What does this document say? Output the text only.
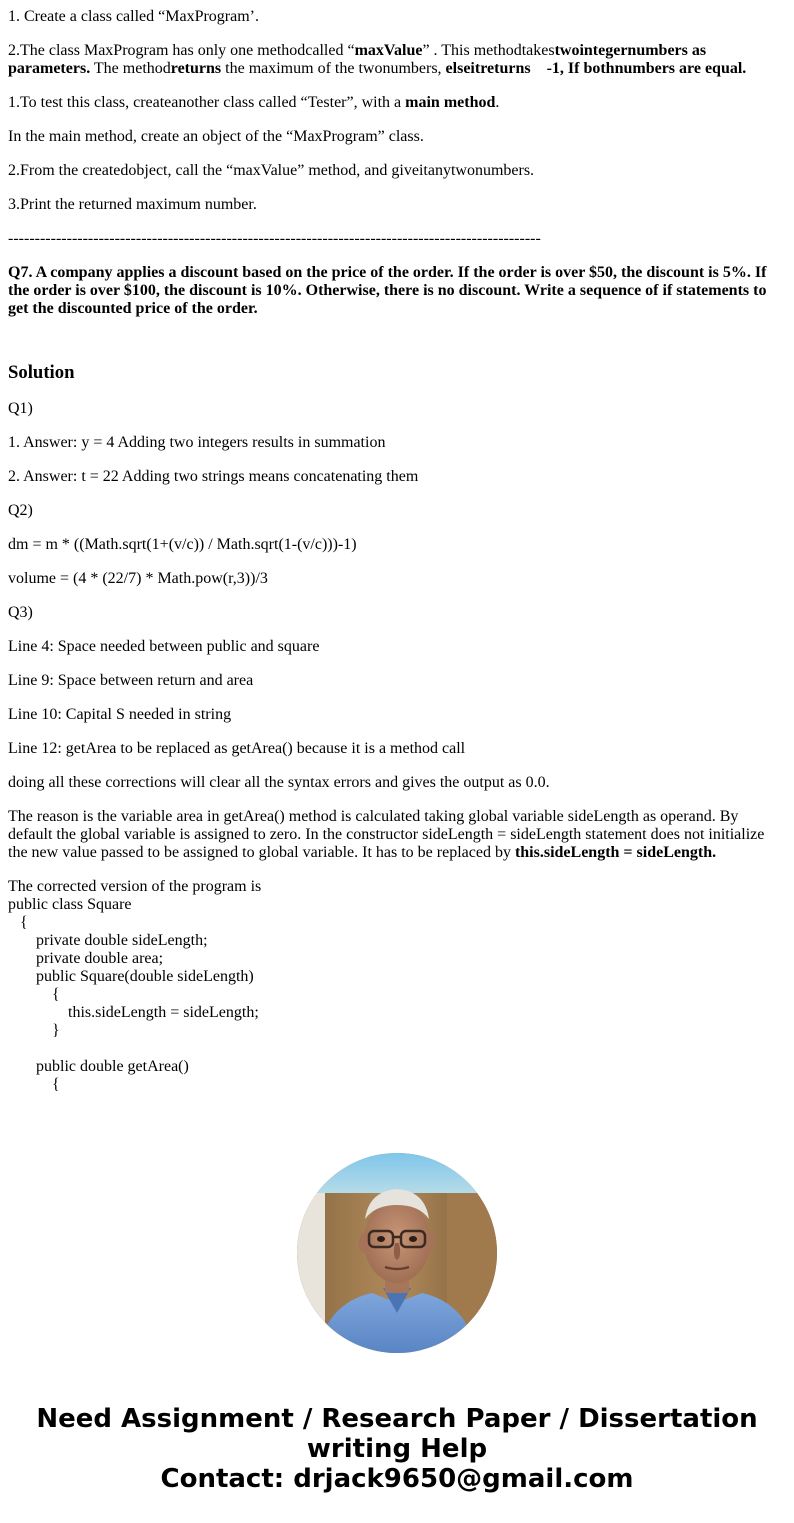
1. Create a class called “MaxProgram’.

2.The class MaxProgram has only one methodcalled “maxValue” . This methodtakestwointegernumbers as parameters. The methodreturns the maximum of the twonumbers, elseitreturns    -1, If bothnumbers are equal.

1.To test this class, createanother class called “Tester”, with a main method.

In the main method, create an object of the “MaxProgram” class.

2.From the createdobject, call the “maxValue” method, and giveitanytwonumbers.

3.Print the returned maximum number.

----------------------------------------------------------------------------------------------------

Q7. A company applies a discount based on the price of the order. If the order is over $50, the discount is 5%. If the order is over $100, the discount is 10%. Otherwise, there is no discount. Write a sequence of if statements to get the discounted price of the order.

Solution

Q1)

1. Answer: y = 4 Adding two integers results in summation

2. Answer: t = 22 Adding two strings means concatenating them

Q2)

dm = m * ((Math.sqrt(1+(v/c)) / Math.sqrt(1-(v/c)))-1)

volume = (4 * (22/7) * Math.pow(r,3))/3

Q3)

Line 4: Space needed between public and square

Line 9: Space between return and area

Line 10: Capital S needed in string

Line 12: getArea to be replaced as getArea() because it is a method call

doing all these corrections will clear all the syntax errors and gives the output as 0.0.

The reason is the variable area in getArea() method is calculated taking global variable sideLength as operand. By default the global variable is assigned to zero. In the constructor sideLength = sideLength statement does not initialize the new value passed to be assigned to global variable. It has to be replaced by this.sideLength = sideLength.

The corrected version of the program is

public class Square
{
private double sideLength;
private double area;
public Square(double sideLength)
{
this.sideLength = sideLength;
}

public double getArea()
{
Need Assignment / Research Paper / Dissertation
writing Help
Contact: drjack9650@gmail.com
